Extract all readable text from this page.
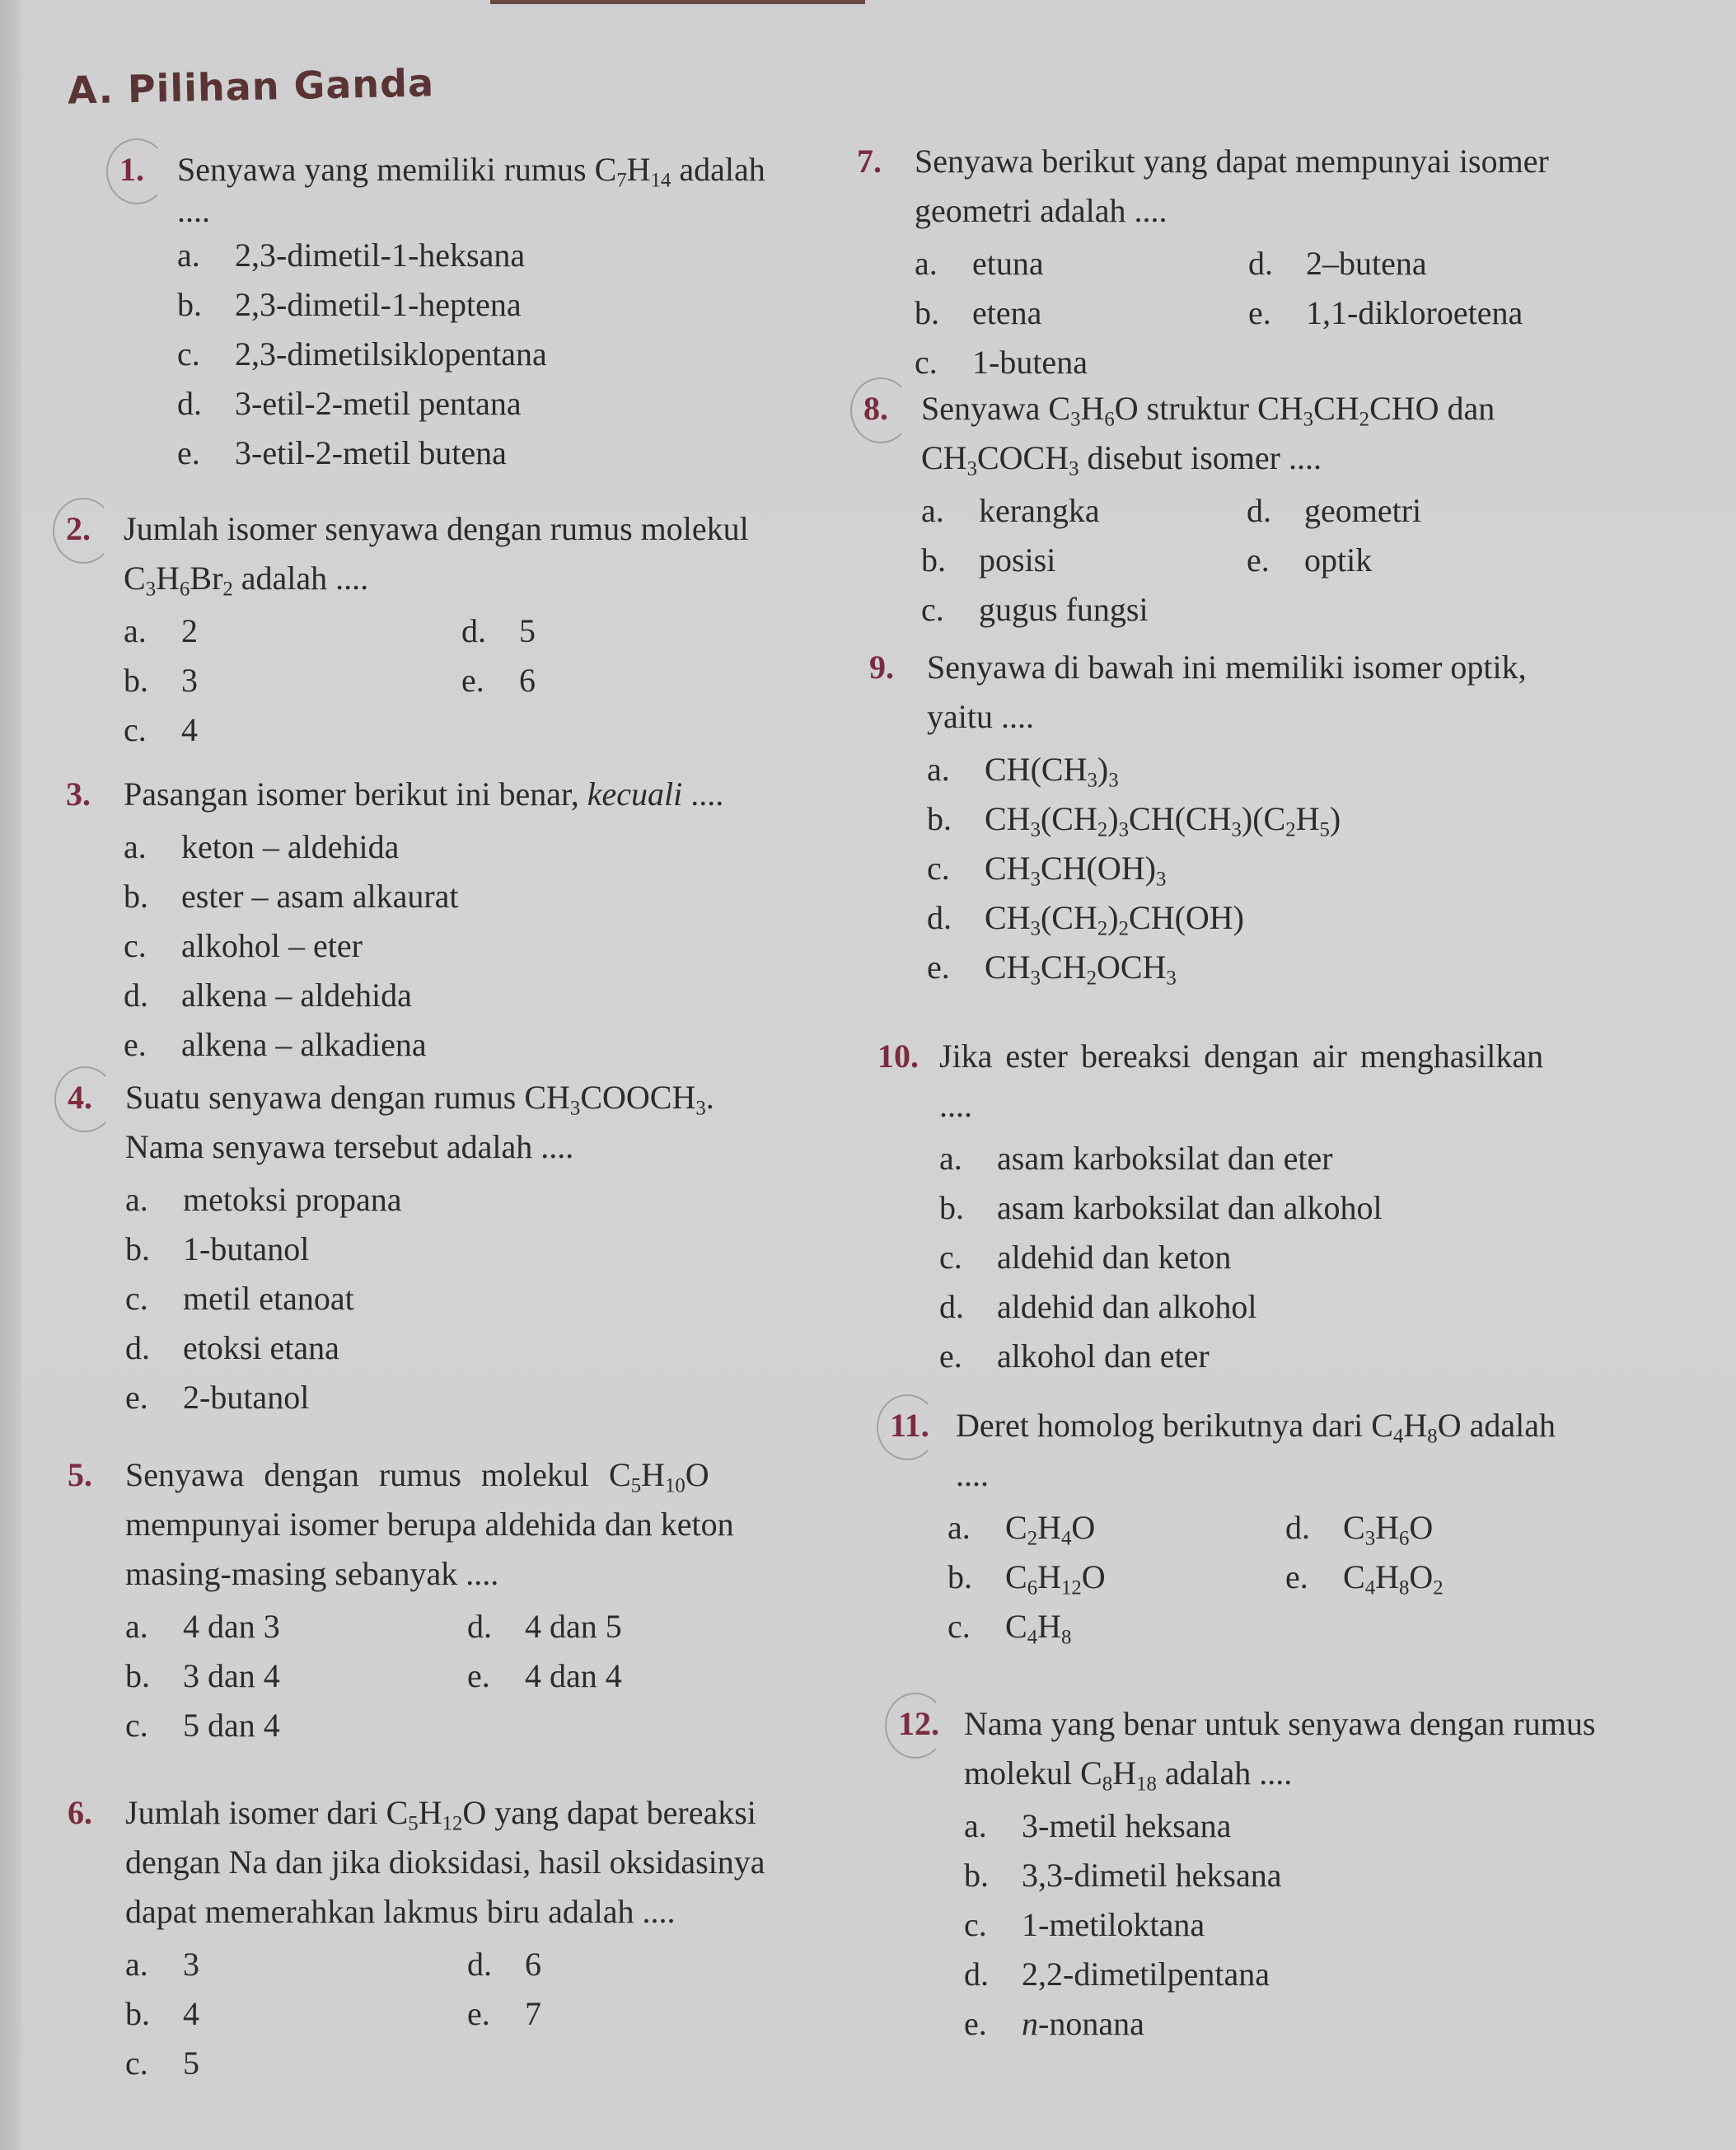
A. Pilihan Ganda
1. Senyawa yang memiliki rumus $C_7H_{14}$ adalah
....
a. 2,3-dimetil-1-heksana
b. 2,3-dimetil-1-heptena
c. 2,3-dimetilsiklopentana
d. 3-etil-2-metil pentana
e. 3-etil-2-metil butena
2. Jumlah isomer senyawa dengan rumus molekul
$C_3H_6Br_2$ adalah ....
a. 2	d. 5
b. 3	e. 6
c. 4
3. Pasangan isomer berikut ini benar, kecuali ....
a. keton – aldehida
b. ester – asam alkaurat
c. alkohol – eter
d. alkena – aldehida
e. alkena – alkadiena
4. Suatu senyawa dengan rumus $CH_3COOCH_3$.
Nama senyawa tersebut adalah ....
a. metoksi propana
b. 1-butanol
c. metil etanoat
d. etoksi etana
e. 2-butanol
5. Senyawa dengan rumus molekul $C_5H_{10}O$
mempunyai isomer berupa aldehida dan keton
masing-masing sebanyak ....
a. 4 dan 3	d. 4 dan 5
b. 3 dan 4	e. 4 dan 4
c. 5 dan 4
6. Jumlah isomer dari $C_5H_{12}O$ yang dapat bereaksi
dengan Na dan jika dioksidasi, hasil oksidasinya
dapat memerahkan lakmus biru adalah ....
a. 3	d. 6
b. 4	e. 7
c. 5
7. Senyawa berikut yang dapat mempunyai isomer
geometri adalah ....
a. etuna	d. 2–butena
b. etena	e. 1,1-dikloroetena
c. 1-butena
8. Senyawa $C_3H_6O$ struktur $CH_3CH_2CHO$ dan
$CH_3COCH_3$ disebut isomer ....
a. kerangka	d. geometri
b. posisi	e. optik
c. gugus fungsi
9. Senyawa di bawah ini memiliki isomer optik,
yaitu ....
a. $CH(CH_3)_3$
b. $CH_3(CH_2)_3CH(CH_3)(C_2H_5)$
c. $CH_3CH(OH)_3$
d. $CH_3(CH_2)_2CH(OH)$
e. $CH_3CH_2OCH_3$
10. Jika ester bereaksi dengan air menghasilkan
....
a. asam karboksilat dan eter
b. asam karboksilat dan alkohol
c. aldehid dan keton
d. aldehid dan alkohol
e. alkohol dan eter
11. Deret homolog berikutnya dari $C_4H_8O$ adalah
....
a. $C_2H_4O$	d. $C_3H_6O$
b. $C_6H_{12}O$	e. $C_4H_8O_2$
c. $C_4H_8$
12. Nama yang benar untuk senyawa dengan rumus
molekul $C_8H_{18}$ adalah ....
a. 3-metil heksana
b. 3,3-dimetil heksana
c. 1-metiloktana
d. 2,2-dimetilpentana
e. n-nonana
